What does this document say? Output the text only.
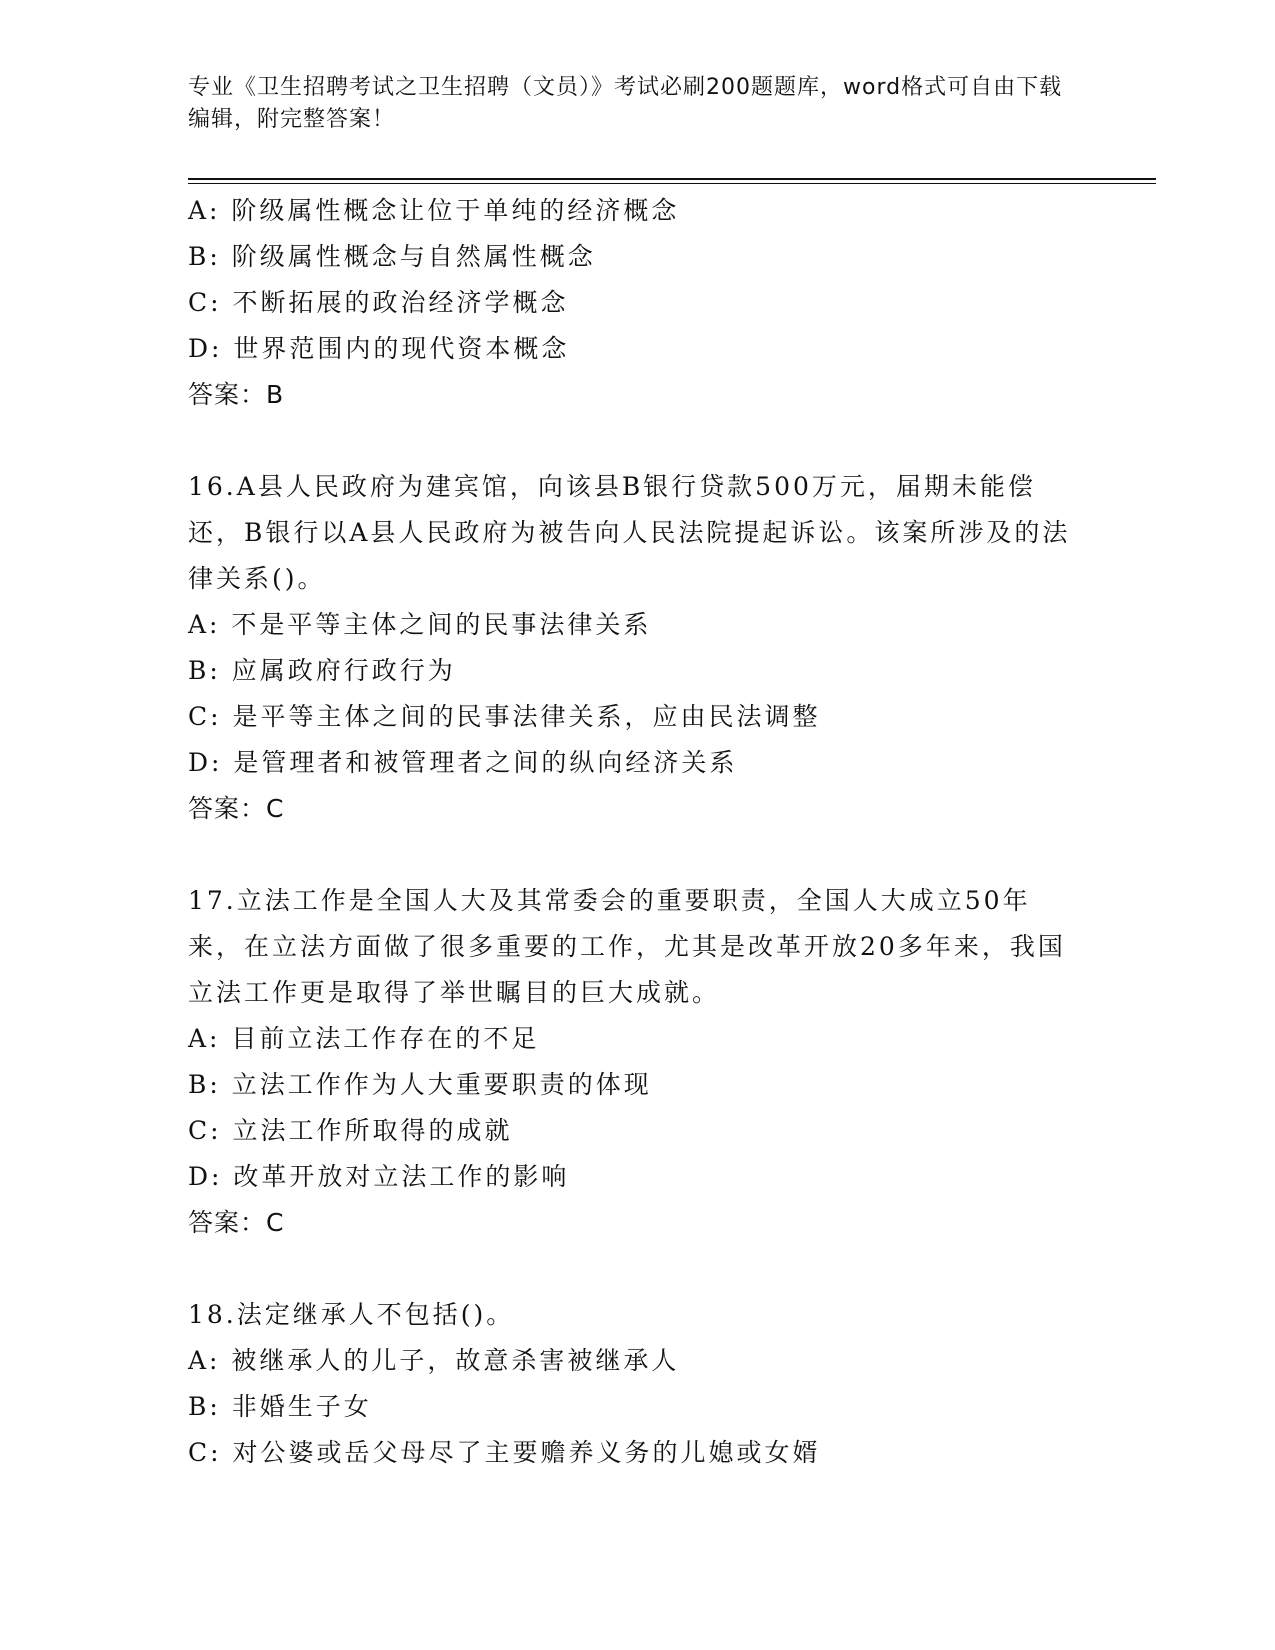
专业《卫生招聘考试之卫生招聘（文员）》考试必刷200题题库，word格式可自由下载编辑，附完整答案！
A: 阶级属性概念让位于单纯的经济概念
B: 阶级属性概念与自然属性概念
C: 不断拓展的政治经济学概念
D: 世界范围内的现代资本概念
答案：B
16.A县人民政府为建宾馆，向该县B银行贷款500万元，届期未能偿还，B银行以A县人民政府为被告向人民法院提起诉讼。该案所涉及的法律关系()。
A: 不是平等主体之间的民事法律关系
B: 应属政府行政行为
C: 是平等主体之间的民事法律关系，应由民法调整
D: 是管理者和被管理者之间的纵向经济关系
答案：C
17.立法工作是全国人大及其常委会的重要职责，全国人大成立50年来，在立法方面做了很多重要的工作，尤其是改革开放20多年来，我国立法工作更是取得了举世瞩目的巨大成就。
A: 目前立法工作存在的不足
B: 立法工作作为人大重要职责的体现
C: 立法工作所取得的成就
D: 改革开放对立法工作的影响
答案：C
18.法定继承人不包括()。
A: 被继承人的儿子，故意杀害被继承人
B: 非婚生子女
C: 对公婆或岳父母尽了主要赡养义务的儿媳或女婿
